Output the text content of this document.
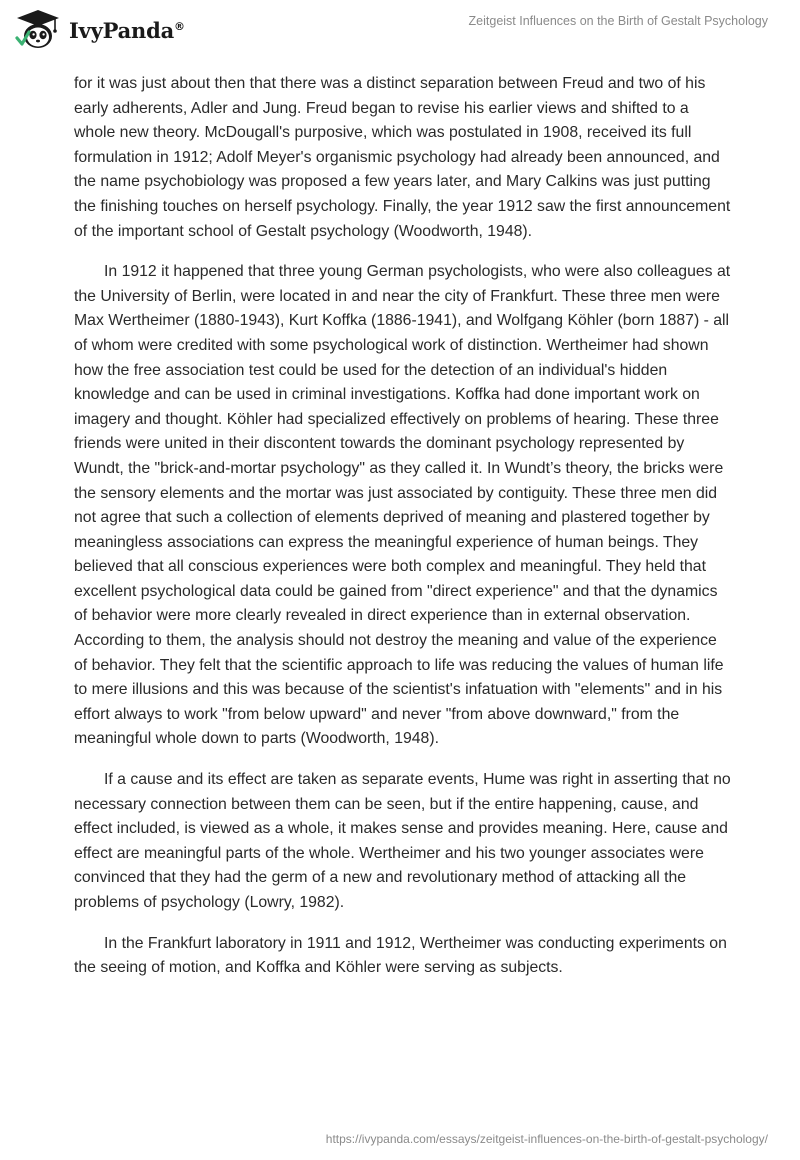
IvyPanda®	Zeitgeist Influences on the Birth of Gestalt Psychology

for it was just about then that there was a distinct separation between Freud and two of his early adherents, Adler and Jung. Freud began to revise his earlier views and shifted to a whole new theory. McDougall's purposive, which was postulated in 1908, received its full formulation in 1912; Adolf Meyer's organismic psychology had already been announced, and the name psychobiology was proposed a few years later, and Mary Calkins was just putting the finishing touches on herself psychology. Finally, the year 1912 saw the first announcement of the important school of Gestalt psychology (Woodworth, 1948).

In 1912 it happened that three young German psychologists, who were also colleagues at the University of Berlin, were located in and near the city of Frankfurt. These three men were Max Wertheimer (1880-1943), Kurt Koffka (1886-1941), and Wolfgang Köhler (born 1887) - all of whom were credited with some psychological work of distinction. Wertheimer had shown how the free association test could be used for the detection of an individual's hidden knowledge and can be used in criminal investigations. Koffka had done important work on imagery and thought. Köhler had specialized effectively on problems of hearing. These three friends were united in their discontent towards the dominant psychology represented by Wundt, the "brick-and-mortar psychology" as they called it. In Wundt’s theory, the bricks were the sensory elements and the mortar was just associated by contiguity. These three men did not agree that such a collection of elements deprived of meaning and plastered together by meaningless associations can express the meaningful experience of human beings. They believed that all conscious experiences were both complex and meaningful. They held that excellent psychological data could be gained from "direct experience" and that the dynamics of behavior were more clearly revealed in direct experience than in external observation. According to them, the analysis should not destroy the meaning and value of the experience of behavior. They felt that the scientific approach to life was reducing the values of human life to mere illusions and this was because of the scientist's infatuation with "elements" and in his effort always to work "from below upward" and never "from above downward," from the meaningful whole down to parts (Woodworth, 1948).

If a cause and its effect are taken as separate events, Hume was right in asserting that no necessary connection between them can be seen, but if the entire happening, cause, and effect included, is viewed as a whole, it makes sense and provides meaning. Here, cause and effect are meaningful parts of the whole. Wertheimer and his two younger associates were convinced that they had the germ of a new and revolutionary method of attacking all the problems of psychology (Lowry, 1982).

In the Frankfurt laboratory in 1911 and 1912, Wertheimer was conducting experiments on the seeing of motion, and Koffka and Köhler were serving as subjects.

https://ivypanda.com/essays/zeitgeist-influences-on-the-birth-of-gestalt-psychology/
